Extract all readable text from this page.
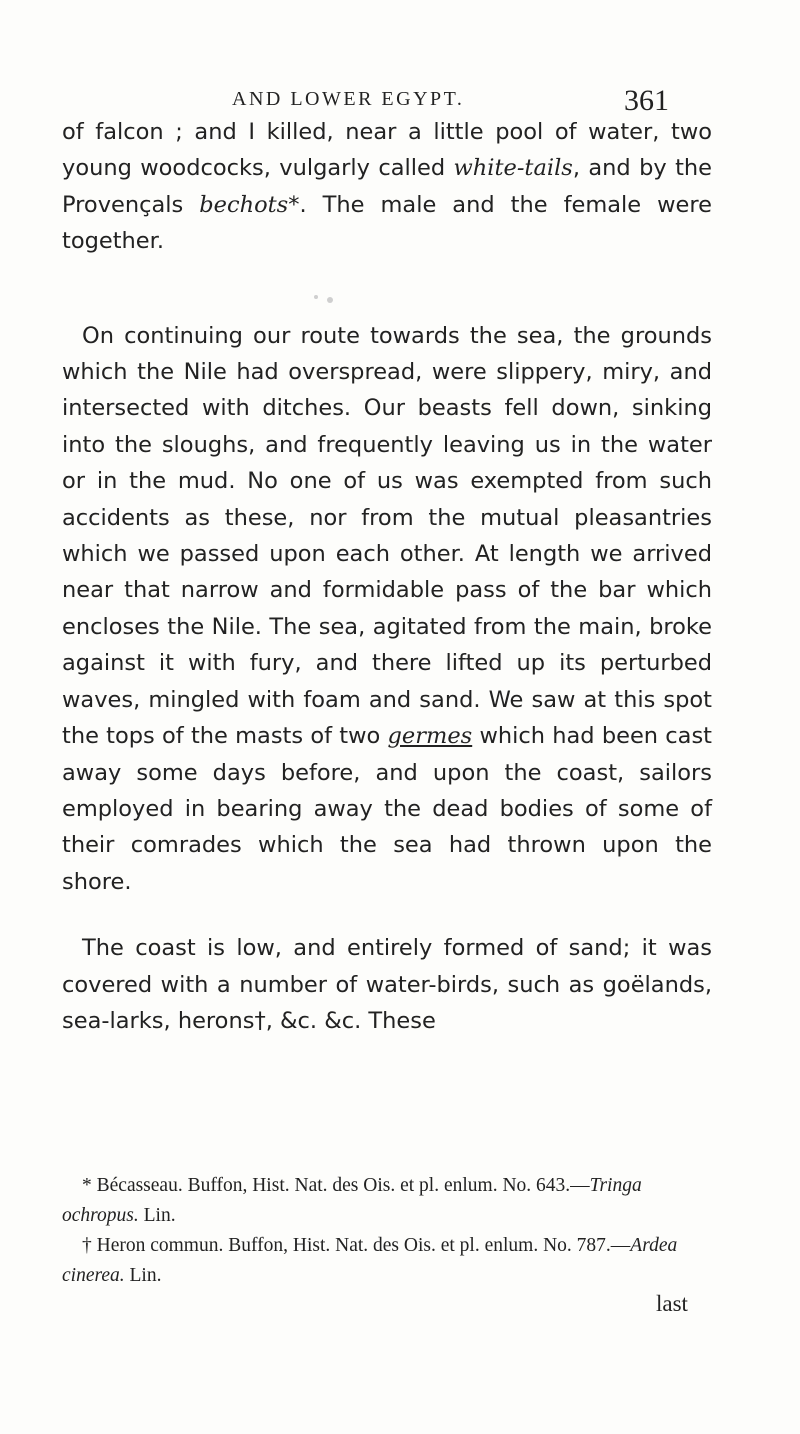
AND LOWER EGYPT.	361

of falcon ; and I killed, near a little pool of water, two young woodcocks, vulgarly called white-tails, and by the Provençals bechots*. The male and the female were together.

On continuing our route towards the sea, the grounds which the Nile had overspread, were slippery, miry, and intersected with ditches. Our beasts fell down, sinking into the sloughs, and frequently leaving us in the water or in the mud. No one of us was exempted from such accidents as these, nor from the mutual pleasantries which we passed upon each other. At length we arrived near that narrow and formidable pass of the bar which encloses the Nile. The sea, agitated from the main, broke against it with fury, and there lifted up its perturbed waves, mingled with foam and sand. We saw at this spot the tops of the masts of two germes which had been cast away some days before, and upon the coast, sailors employed in bearing away the dead bodies of some of their comrades which the sea had thrown upon the shore.

The coast is low, and entirely formed of sand; it was covered with a number of water-birds, such as goëlands, sea-larks, herons†, &c. &c. These

* Bécasseau. Buffon, Hist. Nat. des Ois. et pl. enlum. No. 643.—Tringa ochropus. Lin.

† Heron commun. Buffon, Hist. Nat. des Ois. et pl. enlum. No. 787.—Ardea cinerea. Lin.

last
